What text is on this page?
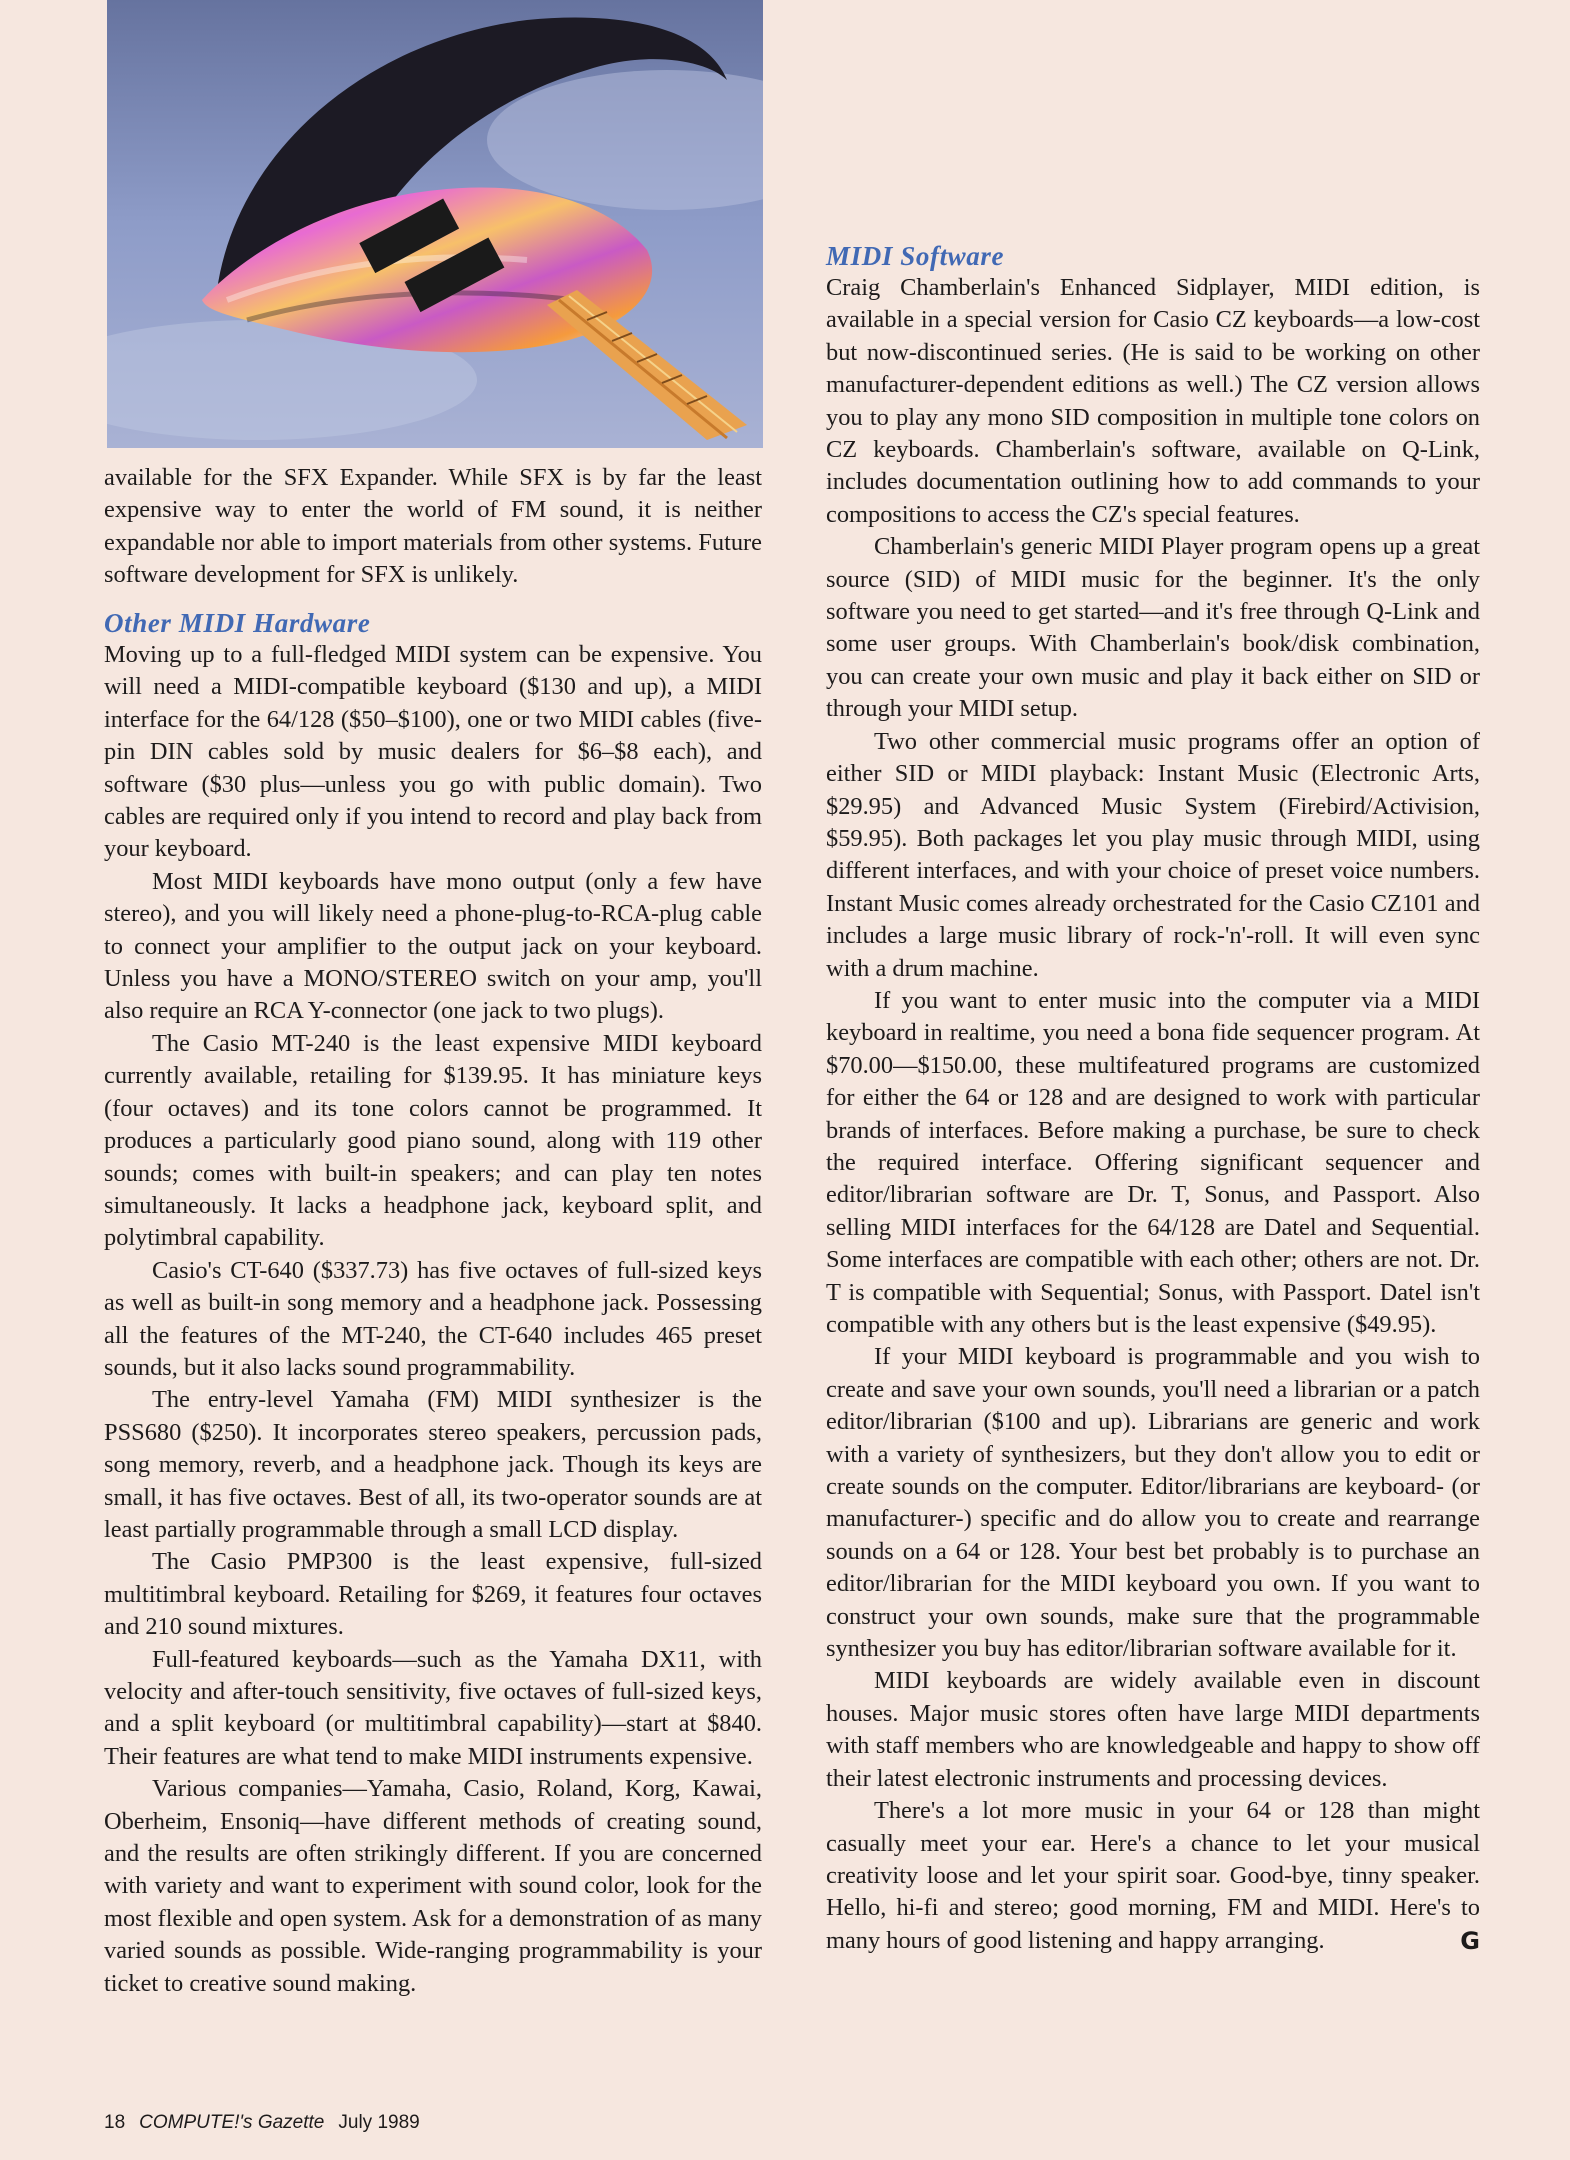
available for the SFX Expander. While SFX is by far the least expensive way to enter the world of FM sound, it is neither expandable nor able to import materials from other systems. Future software development for SFX is unlikely.

Other MIDI Hardware

Moving up to a full-fledged MIDI system can be expensive. You will need a MIDI-compatible keyboard ($130 and up), a MIDI interface for the 64/128 ($50–$100), one or two MIDI cables (five-pin DIN cables sold by music dealers for $6–$8 each), and software ($30 plus—unless you go with public domain). Two cables are required only if you intend to record and play back from your keyboard.

Most MIDI keyboards have mono output (only a few have stereo), and you will likely need a phone-plug-to-RCA-plug cable to connect your amplifier to the output jack on your keyboard. Unless you have a MONO/STEREO switch on your amp, you'll also require an RCA Y-connector (one jack to two plugs).

The Casio MT-240 is the least expensive MIDI keyboard currently available, retailing for $139.95. It has miniature keys (four octaves) and its tone colors cannot be programmed. It produces a particularly good piano sound, along with 119 other sounds; comes with built-in speakers; and can play ten notes simultaneously. It lacks a headphone jack, keyboard split, and polytimbral capability.

Casio's CT-640 ($337.73) has five octaves of full-sized keys as well as built-in song memory and a headphone jack. Possessing all the features of the MT-240, the CT-640 includes 465 preset sounds, but it also lacks sound programmability.

The entry-level Yamaha (FM) MIDI synthesizer is the PSS680 ($250). It incorporates stereo speakers, percussion pads, song memory, reverb, and a headphone jack. Though its keys are small, it has five octaves. Best of all, its two-operator sounds are at least partially programmable through a small LCD display.

The Casio PMP300 is the least expensive, full-sized multitimbral keyboard. Retailing for $269, it features four octaves and 210 sound mixtures.

Full-featured keyboards—such as the Yamaha DX11, with velocity and after-touch sensitivity, five octaves of full-sized keys, and a split keyboard (or multitimbral capability)—start at $840. Their features are what tend to make MIDI instruments expensive.

Various companies—Yamaha, Casio, Roland, Korg, Kawai, Oberheim, Ensoniq—have different methods of creating sound, and the results are often strikingly different. If you are concerned with variety and want to experiment with sound color, look for the most flexible and open system. Ask for a demonstration of as many varied sounds as possible. Wide-ranging programmability is your ticket to creative sound making.

MIDI Software

Craig Chamberlain's Enhanced Sidplayer, MIDI edition, is available in a special version for Casio CZ keyboards—a low-cost but now-discontinued series. (He is said to be working on other manufacturer-dependent editions as well.) The CZ version allows you to play any mono SID composition in multiple tone colors on CZ keyboards. Chamberlain's software, available on Q-Link, includes documentation outlining how to add commands to your compositions to access the CZ's special features.

Chamberlain's generic MIDI Player program opens up a great source (SID) of MIDI music for the beginner. It's the only software you need to get started—and it's free through Q-Link and some user groups. With Chamberlain's book/disk combination, you can create your own music and play it back either on SID or through your MIDI setup.

Two other commercial music programs offer an option of either SID or MIDI playback: Instant Music (Electronic Arts, $29.95) and Advanced Music System (Firebird/Activision, $59.95). Both packages let you play music through MIDI, using different interfaces, and with your choice of preset voice numbers. Instant Music comes already orchestrated for the Casio CZ101 and includes a large music library of rock-'n'-roll. It will even sync with a drum machine.

If you want to enter music into the computer via a MIDI keyboard in realtime, you need a bona fide sequencer program. At $70.00—$150.00, these multifeatured programs are customized for either the 64 or 128 and are designed to work with particular brands of interfaces. Before making a purchase, be sure to check the required interface. Offering significant sequencer and editor/librarian software are Dr. T, Sonus, and Passport. Also selling MIDI interfaces for the 64/128 are Datel and Sequential. Some interfaces are compatible with each other; others are not. Dr. T is compatible with Sequential; Sonus, with Passport. Datel isn't compatible with any others but is the least expensive ($49.95).

If your MIDI keyboard is programmable and you wish to create and save your own sounds, you'll need a librarian or a patch editor/librarian ($100 and up). Librarians are generic and work with a variety of synthesizers, but they don't allow you to edit or create sounds on the computer. Editor/librarians are keyboard- (or manufacturer-) specific and do allow you to create and rearrange sounds on a 64 or 128. Your best bet probably is to purchase an editor/librarian for the MIDI keyboard you own. If you want to construct your own sounds, make sure that the programmable synthesizer you buy has editor/librarian software available for it.

MIDI keyboards are widely available even in discount houses. Major music stores often have large MIDI departments with staff members who are knowledgeable and happy to show off their latest electronic instruments and processing devices.

There's a lot more music in your 64 or 128 than might casually meet your ear. Here's a chance to let your musical creativity loose and let your spirit soar. Good-bye, tinny speaker. Hello, hi-fi and stereo; good morning, FM and MIDI. Here's to many hours of good listening and happy arranging.	G

18 COMPUTE!'s Gazette July 1989
